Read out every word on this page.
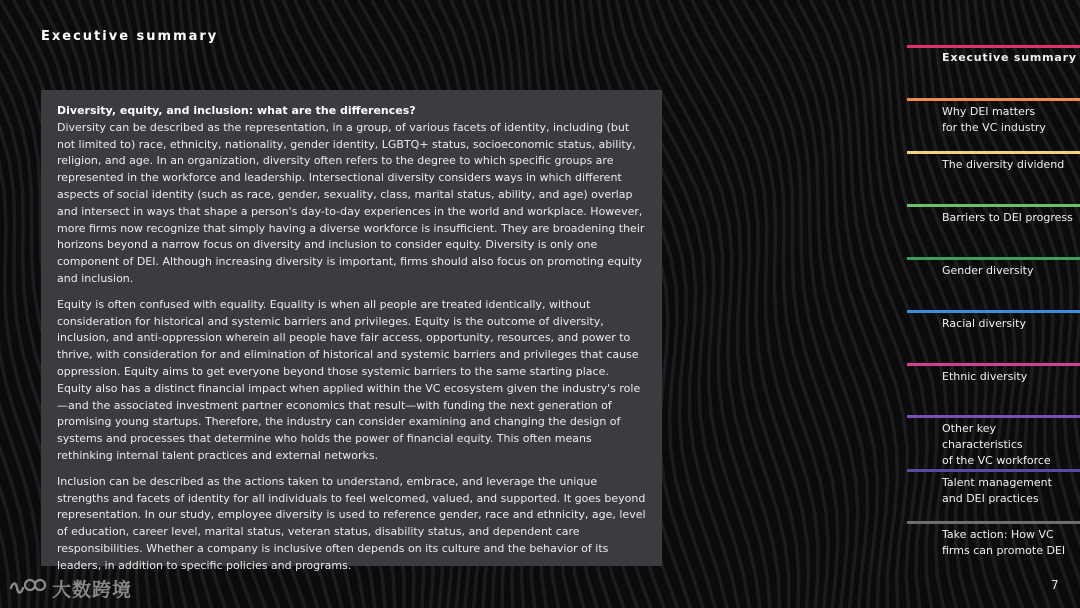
Executive summary

Diversity, equity, and inclusion: what are the differences?
Diversity can be described as the representation, in a group, of various facets of identity, including (but not limited to) race, ethnicity, nationality, gender identity, LGBTQ+ status, socioeconomic status, ability, religion, and age. In an organization, diversity often refers to the degree to which specific groups are represented in the workforce and leadership. Intersectional diversity considers ways in which different aspects of social identity (such as race, gender, sexuality, class, marital status, ability, and age) overlap and intersect in ways that shape a person's day-to-day experiences in the world and workplace. However, more firms now recognize that simply having a diverse workforce is insufficient. They are broadening their horizons beyond a narrow focus on diversity and inclusion to consider equity. Diversity is only one component of DEI. Although increasing diversity is important, firms should also focus on promoting equity and inclusion.

Equity is often confused with equality. Equality is when all people are treated identically, without consideration for historical and systemic barriers and privileges. Equity is the outcome of diversity, inclusion, and anti-oppression wherein all people have fair access, opportunity, resources, and power to thrive, with consideration for and elimination of historical and systemic barriers and privileges that cause oppression. Equity aims to get everyone beyond those systemic barriers to the same starting place. Equity also has a distinct financial impact when applied within the VC ecosystem given the industry's role—and the associated investment partner economics that result—with funding the next generation of promising young startups. Therefore, the industry can consider examining and changing the design of systems and processes that determine who holds the power of financial equity. This often means rethinking internal talent practices and external networks.

Inclusion can be described as the actions taken to understand, embrace, and leverage the unique strengths and facets of identity for all individuals to feel welcomed, valued, and supported. It goes beyond representation. In our study, employee diversity is used to reference gender, race and ethnicity, age, level of education, career level, marital status, veteran status, disability status, and dependent care responsibilities. Whether a company is inclusive often depends on its culture and the behavior of its leaders, in addition to specific policies and programs.

Executive summary
Why DEI matters
for the VC industry
The diversity dividend
Barriers to DEI progress
Gender diversity
Racial diversity
Ethnic diversity
Other key characteristics
of the VC workforce
Talent management
and DEI practices
Take action: How VC
firms can promote DEI
大数跨境	7
